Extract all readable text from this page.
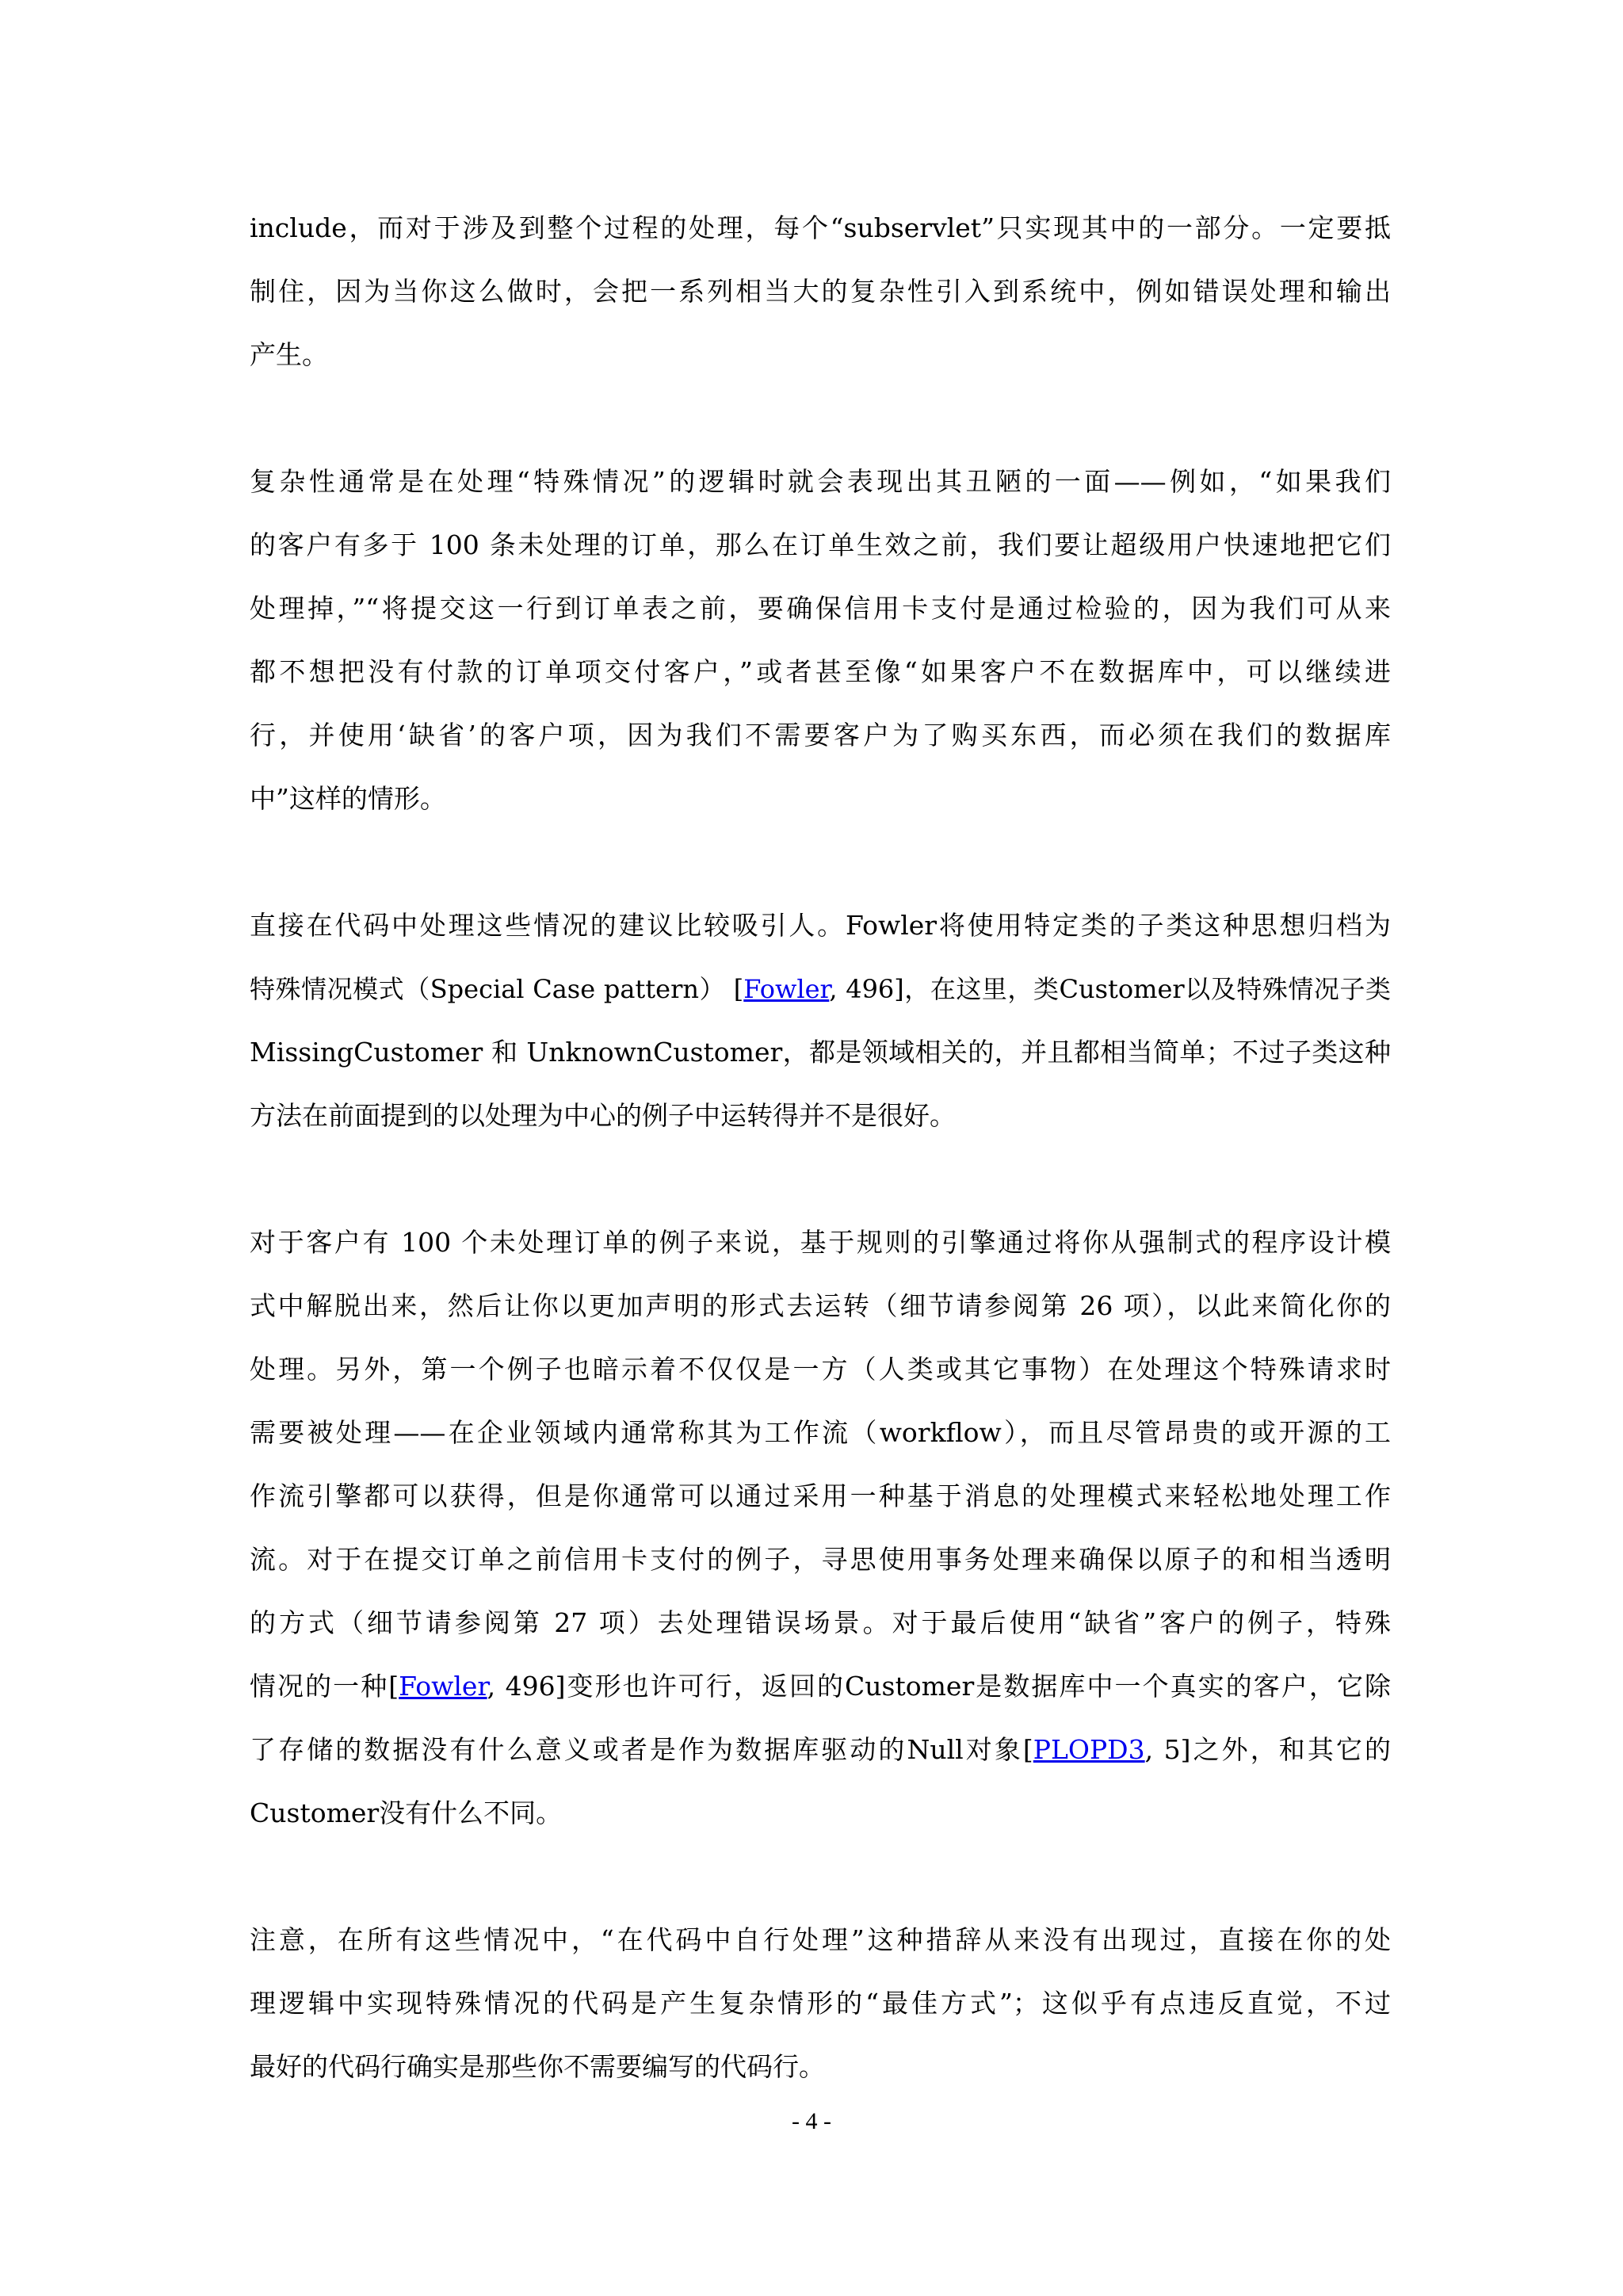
include，而对于涉及到整个过程的处理，每个“subservlet”只实现其中的一部分。一定要抵
制住，因为当你这么做时，会把一系列相当大的复杂性引入到系统中，例如错误处理和输出
产生。
复杂性通常是在处理“特殊情况”的逻辑时就会表现出其丑陋的一面——例如，“如果我们
的客户有多于 100 条未处理的订单，那么在订单生效之前，我们要让超级用户快速地把它们
处理掉，”“将提交这一行到订单表之前，要确保信用卡支付是通过检验的，因为我们可从来
都不想把没有付款的订单项交付客户，”或者甚至像“如果客户不在数据库中，可以继续进
行，并使用‘缺省’的客户项，因为我们不需要客户为了购买东西，而必须在我们的数据库
中”这样的情形。
直接在代码中处理这些情况的建议比较吸引人。Fowler将使用特定类的子类这种思想归档为
特殊情况模式（Special Case pattern） [Fowler, 496]，在这里，类Customer以及特殊情况子类
MissingCustomer 和 UnknownCustomer，都是领域相关的，并且都相当简单；不过子类这种
方法在前面提到的以处理为中心的例子中运转得并不是很好。
对于客户有 100 个未处理订单的例子来说，基于规则的引擎通过将你从强制式的程序设计模
式中解脱出来，然后让你以更加声明的形式去运转（细节请参阅第 26 项），以此来简化你的
处理。另外，第一个例子也暗示着不仅仅是一方（人类或其它事物）在处理这个特殊请求时
需要被处理——在企业领域内通常称其为工作流（workflow），而且尽管昂贵的或开源的工
作流引擎都可以获得，但是你通常可以通过采用一种基于消息的处理模式来轻松地处理工作
流。对于在提交订单之前信用卡支付的例子，寻思使用事务处理来确保以原子的和相当透明
的方式（细节请参阅第 27 项）去处理错误场景。对于最后使用“缺省”客户的例子，特殊
情况的一种[Fowler, 496]变形也许可行，返回的Customer是数据库中一个真实的客户，它除
了存储的数据没有什么意义或者是作为数据库驱动的Null对象[PLOPD3, 5]之外，和其它的
Customer没有什么不同。
注意，在所有这些情况中，“在代码中自行处理”这种措辞从来没有出现过，直接在你的处
理逻辑中实现特殊情况的代码是产生复杂情形的“最佳方式”；这似乎有点违反直觉，不过
最好的代码行确实是那些你不需要编写的代码行。
- 4 -
